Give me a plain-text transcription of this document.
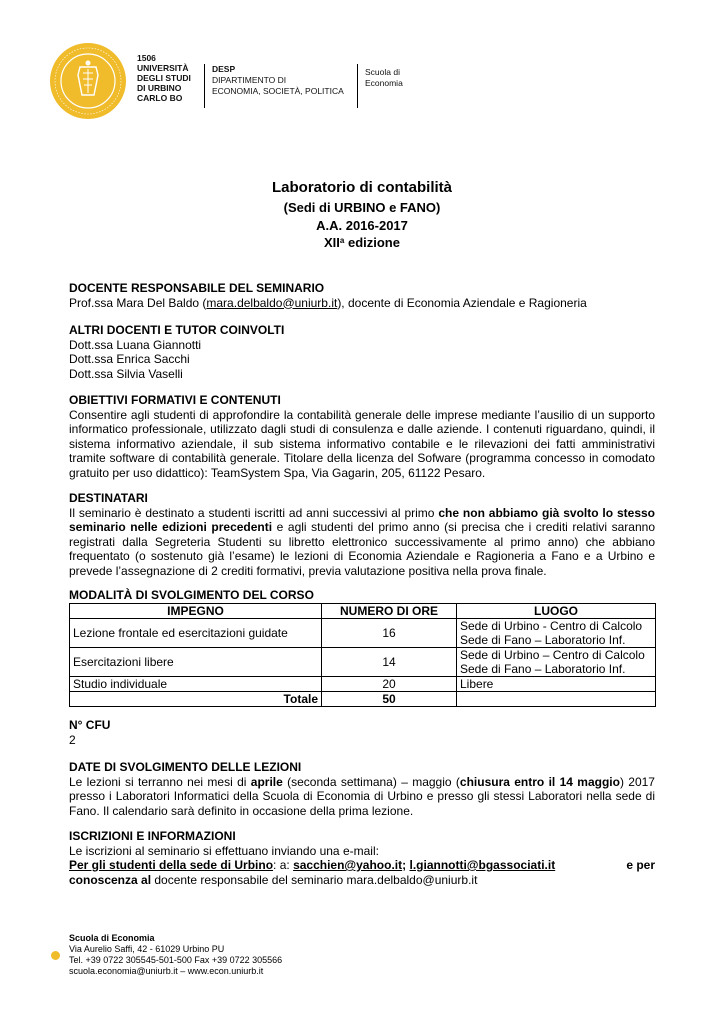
1506
UNIVERSITÀ
DEGLI STUDI
DI URBINO
CARLO BO
DESP
DIPARTIMENTO DI
ECONOMIA, SOCIETÀ, POLITICA
Scuola di
Economia
Laboratorio di contabilità
(Sedi di URBINO e FANO)
A.A. 2016-2017
XII$^a$ edizione
DOCENTE RESPONSABILE DEL SEMINARIO
Prof.ssa Mara Del Baldo (mara.delbaldo@uniurb.it), docente di Economia Aziendale e Ragioneria
ALTRI DOCENTI E TUTOR COINVOLTI
Dott.ssa Luana Giannotti
Dott.ssa Enrica Sacchi
Dott.ssa Silvia Vaselli
OBIETTIVI FORMATIVI E CONTENUTI
Consentire agli studenti di approfondire la contabilità generale delle imprese mediante l’ausilio di un supporto informatico professionale, utilizzato dagli studi di consulenza e dalle aziende. I contenuti riguardano, quindi, il sistema informativo aziendale, il sub sistema informativo contabile e le rilevazioni dei fatti amministrativi tramite software di contabilità generale. Titolare della licenza del Sofware (programma concesso in comodato gratuito per uso didattico): TeamSystem Spa, Via Gagarin, 205, 61122 Pesaro.
DESTINATARI
Il seminario è destinato a studenti iscritti ad anni successivi al primo che non abbiamo già svolto lo stesso seminario nelle edizioni precedenti e agli studenti del primo anno (si precisa che i crediti relativi saranno registrati dalla Segreteria Studenti su libretto elettronico successivamente al primo anno) che abbiano frequentato (o sostenuto già l’esame) le lezioni di Economia Aziendale e Ragioneria a Fano e a Urbino e prevede l’assegnazione di 2 crediti formativi, previa valutazione positiva nella prova finale.
MODALITÀ DI SVOLGIMENTO DEL CORSO
IMPEGNO	NUMERO DI ORE	LUOGO
Lezione frontale ed esercitazioni guidate	16	Sede di Urbino - Centro di Calcolo
Sede di Fano – Laboratorio Inf.

Esercitazioni libere	14	Sede di Urbino – Centro di Calcolo
Sede di Fano – Laboratorio Inf.

Studio individuale	20	Libere
Totale	50	
N° CFU
2
DATE DI SVOLGIMENTO DELLE LEZIONI
Le lezioni si terranno nei mesi di aprile (seconda settimana) – maggio (chiusura entro il 14 maggio) 2017 presso i Laboratori Informatici della Scuola di Economia di Urbino e presso gli stessi Laboratori nella sede di Fano. Il calendario sarà definito in occasione della prima lezione.
ISCRIZIONI E INFORMAZIONI
Le iscrizioni al seminario si effettuano inviando una e-mail:
Per gli studenti della sede di Urbino: a: sacchien@yahoo.it; l.giannotti@bgassociati.it	e per
conoscenza al docente responsabile del seminario mara.delbaldo@uniurb.it
Scuola di Economia
Via Aurelio Saffi, 42 - 61029 Urbino PU
Tel. +39 0722 305545-501-500 Fax +39 0722 305566
scuola.economia@uniurb.it – www.econ.uniurb.it
